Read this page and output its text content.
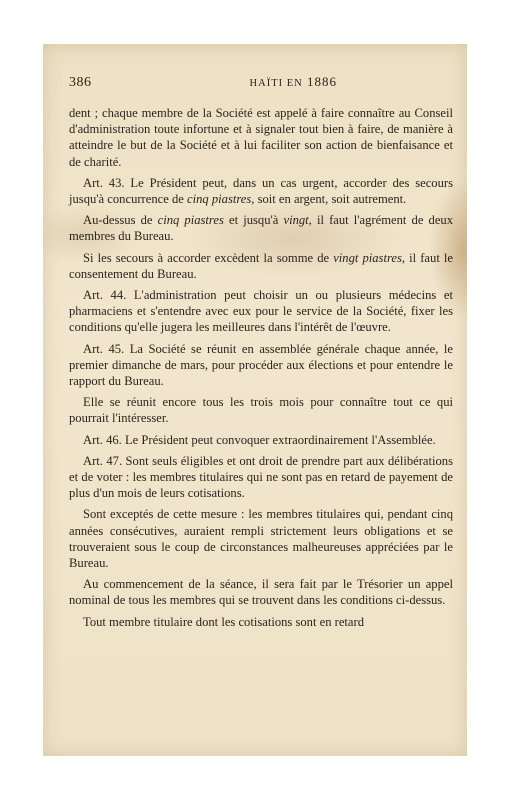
386	HAÏTI EN 1886

dent ; chaque membre de la Société est appelé à faire connaître au Conseil d'administration toute infortune et à signaler tout bien à faire, de manière à atteindre le but de la Société et à lui faciliter son action de bienfaisance et de charité.

Art. 43. Le Président peut, dans un cas urgent, accorder des secours jusqu'à concurrence de cinq piastres, soit en argent, soit autrement.

Au-dessus de cinq piastres et jusqu'à vingt, il faut l'agrément de deux membres du Bureau.

Si les secours à accorder excèdent la somme de vingt piastres, il faut le consentement du Bureau.

Art. 44. L'administration peut choisir un ou plusieurs médecins et pharmaciens et s'entendre avec eux pour le service de la Société, fixer les conditions qu'elle jugera les meilleures dans l'intérêt de l'œuvre.

Art. 45. La Société se réunit en assemblée générale chaque année, le premier dimanche de mars, pour procéder aux élections et pour entendre le rapport du Bureau.

Elle se réunit encore tous les trois mois pour connaître tout ce qui pourrait l'intéresser.

Art. 46. Le Président peut convoquer extraordinairement l'Assemblée.

Art. 47. Sont seuls éligibles et ont droit de prendre part aux délibérations et de voter : les membres titulaires qui ne sont pas en retard de payement de plus d'un mois de leurs cotisations.

Sont exceptés de cette mesure : les membres titulaires qui, pendant cinq années consécutives, auraient rempli strictement leurs obligations et se trouveraient sous le coup de circonstances malheureuses appréciées par le Bureau.

Au commencement de la séance, il sera fait par le Trésorier un appel nominal de tous les membres qui se trouvent dans les conditions ci-dessus.

Tout membre titulaire dont les cotisations sont en retard
